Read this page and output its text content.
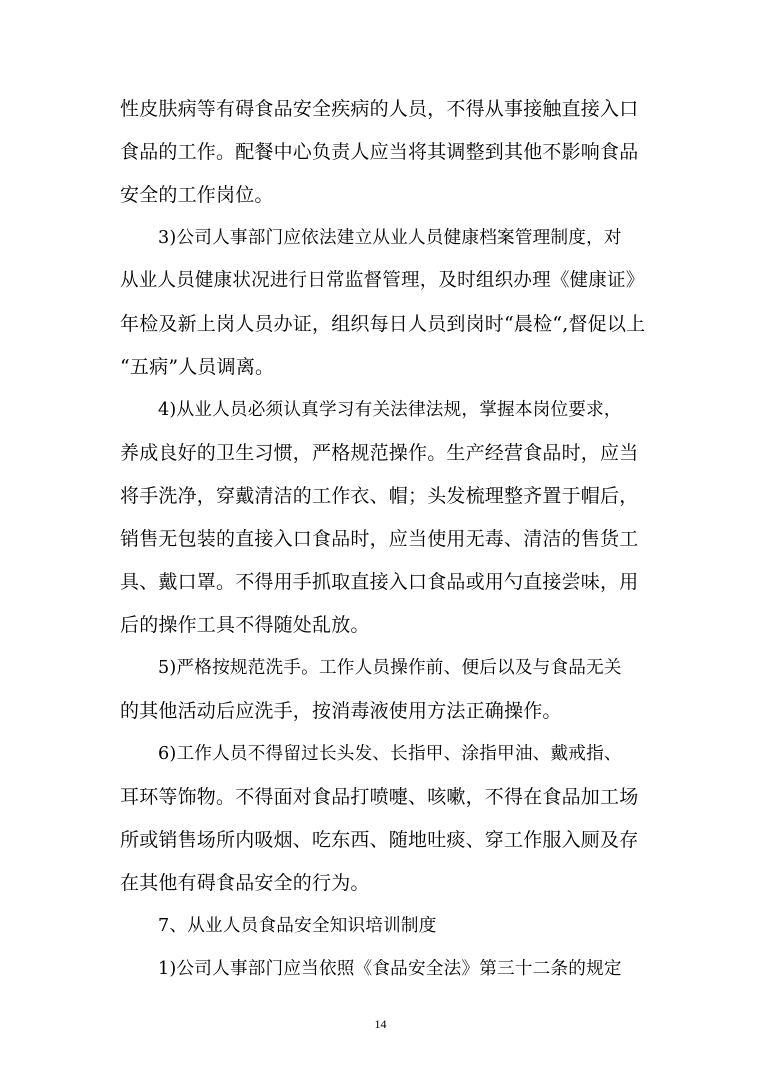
性皮肤病等有碍食品安全疾病的人员，不得从事接触直接入口
食品的工作。配餐中心负责人应当将其调整到其他不影响食品
安全的工作岗位。
3)公司人事部门应依法建立从业人员健康档案管理制度，对
从业人员健康状况进行日常监督管理，及时组织办理《健康证》
年检及新上岗人员办证，组织每日人员到岗时“晨检“,督促以上
“五病”人员调离。
4)从业人员必须认真学习有关法律法规，掌握本岗位要求，
养成良好的卫生习惯，严格规范操作。生产经营食品时，应当
将手洗净，穿戴清洁的工作衣、帽；头发梳理整齐置于帽后，
销售无包装的直接入口食品时，应当使用无毒、清洁的售货工
具、戴口罩。不得用手抓取直接入口食品或用勺直接尝味，用
后的操作工具不得随处乱放。
5)严格按规范洗手。工作人员操作前、便后以及与食品无关
的其他活动后应洗手，按消毒液使用方法正确操作。
6)工作人员不得留过长头发、长指甲、涂指甲油、戴戒指、
耳环等饰物。不得面对食品打喷嚏、咳嗽，不得在食品加工场
所或销售场所内吸烟、吃东西、随地吐痰、穿工作服入厕及存
在其他有碍食品安全的行为。
7、从业人员食品安全知识培训制度
1)公司人事部门应当依照《食品安全法》第三十二条的规定
14
